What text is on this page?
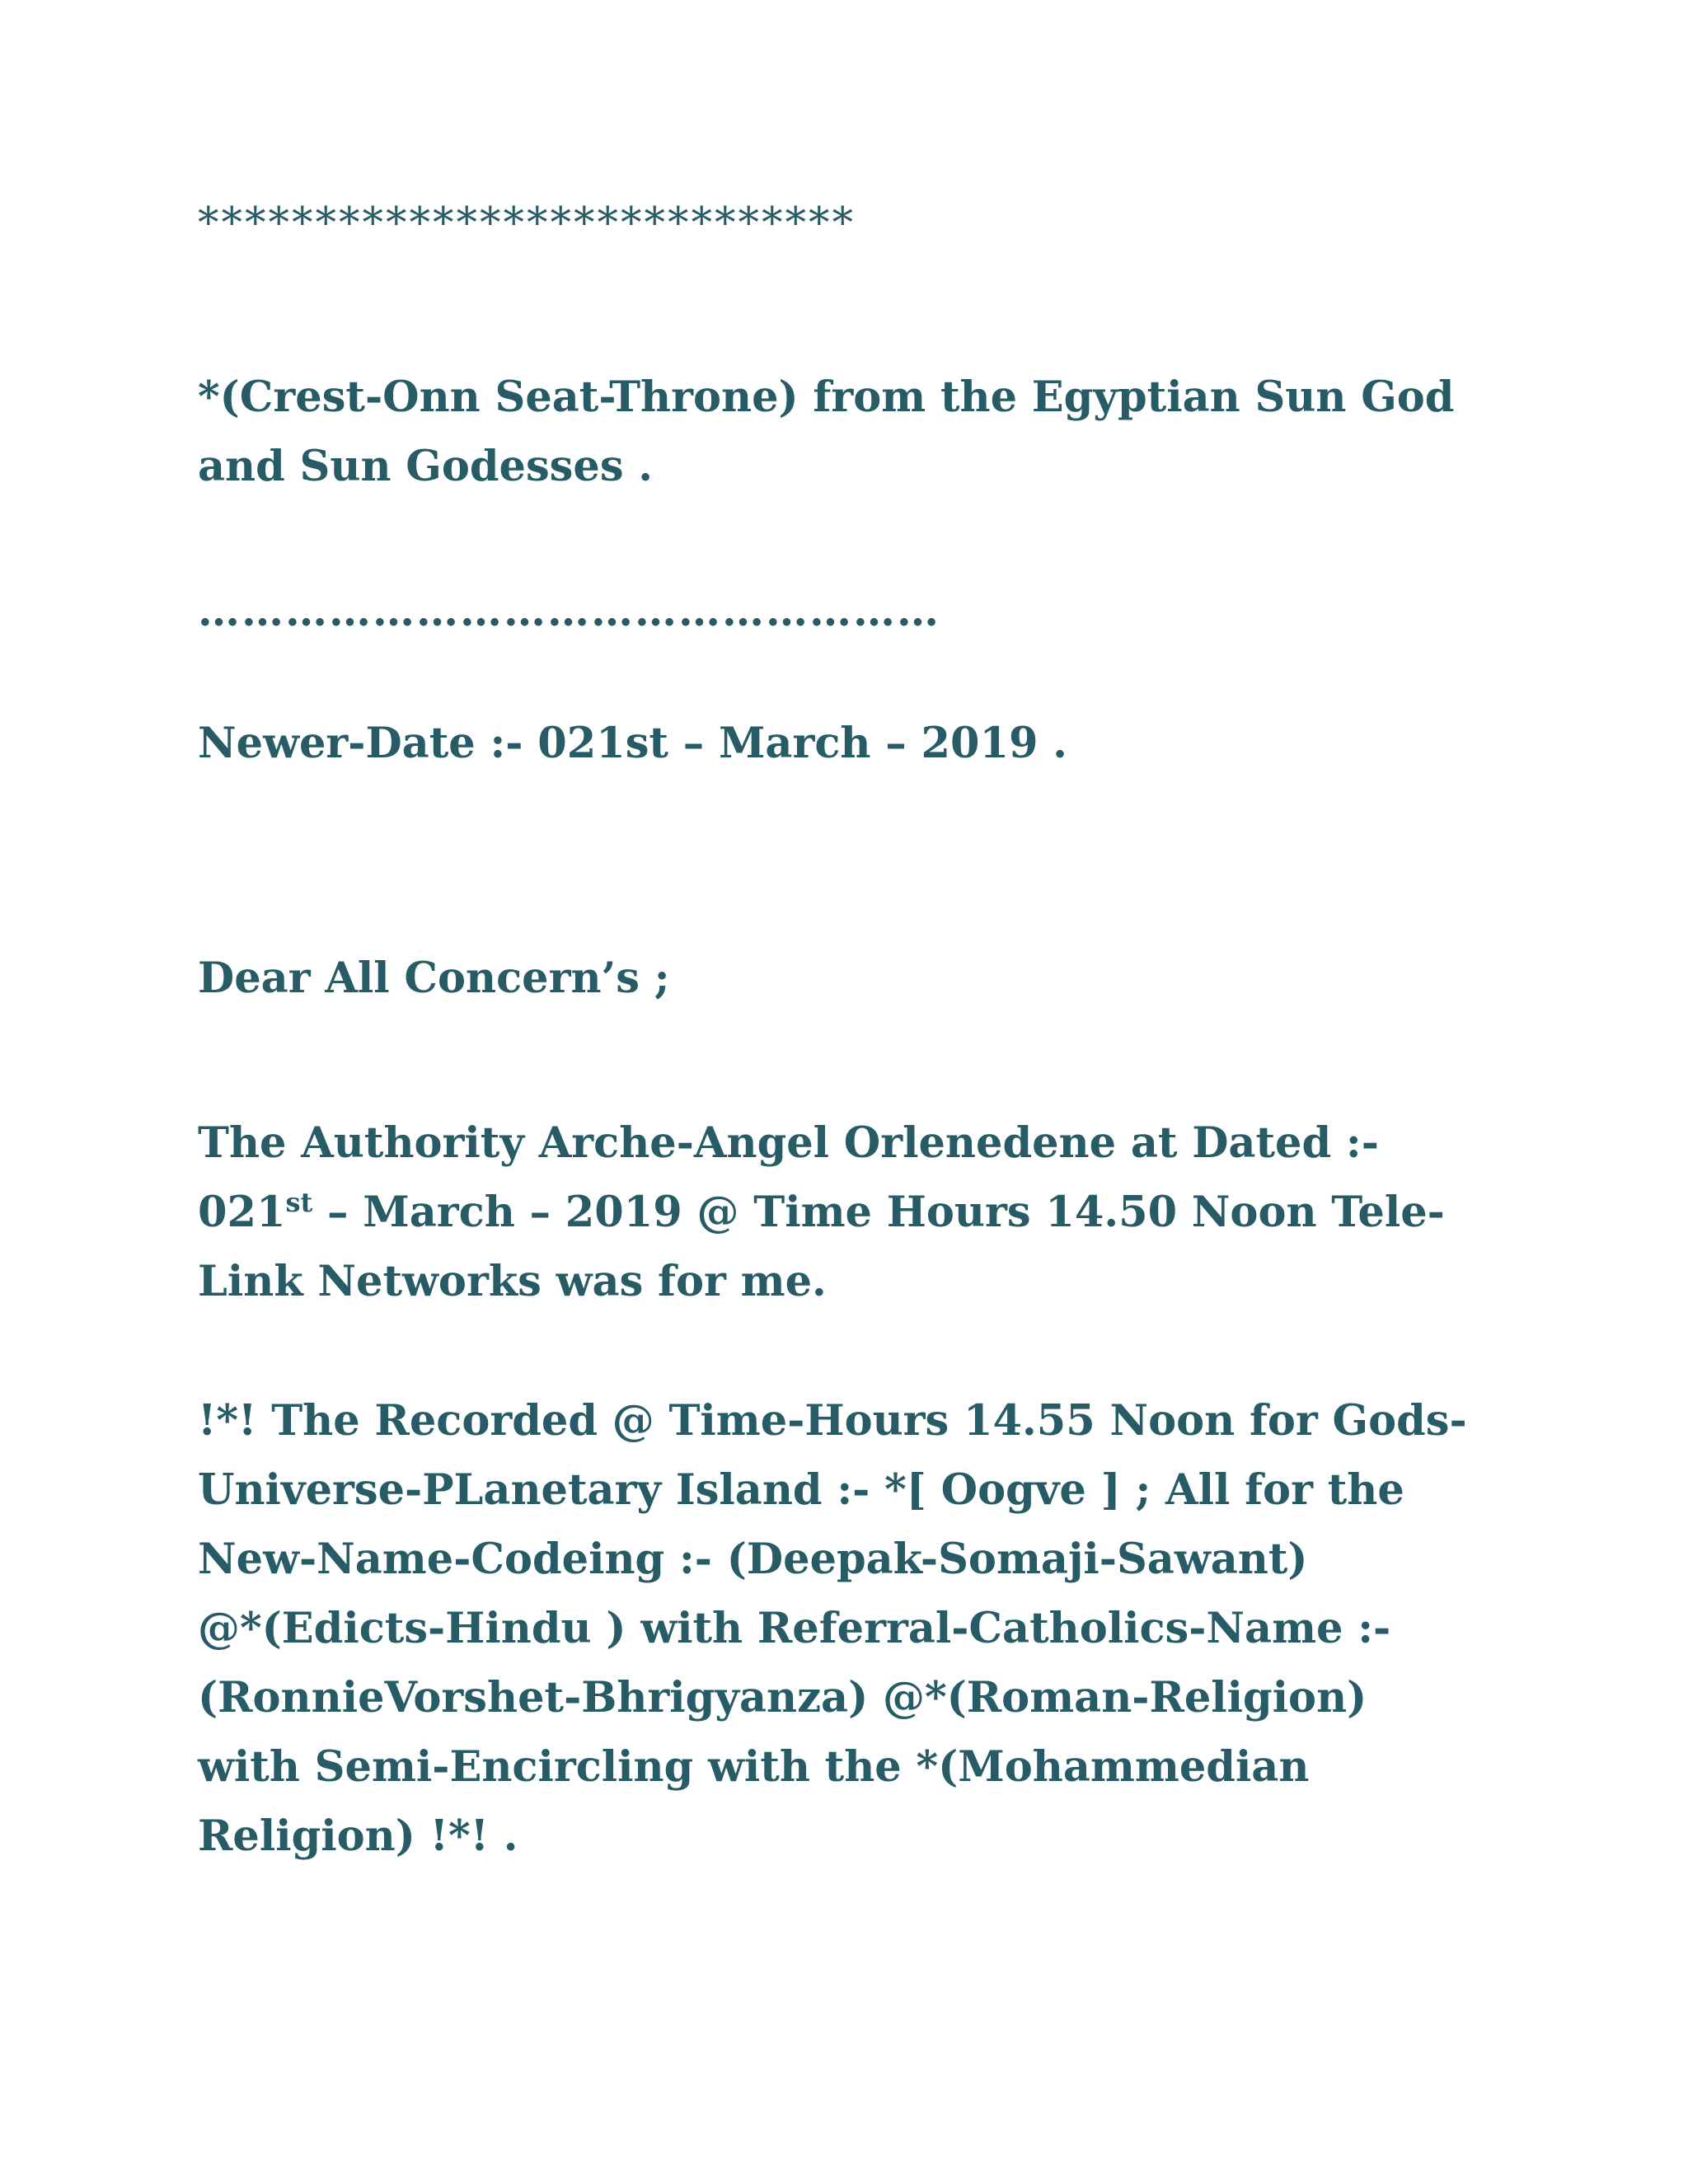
****************************

*(Crest-Onn Seat-Throne) from the Egyptian Sun God
and Sun Godesses .

……………………………………………

Newer-Date :- 021st – March – 2019 .

Dear All Concern’s ;

The Authority Arche-Angel Orlenedene at Dated :-
021st – March – 2019 @ Time Hours 14.50 Noon Tele-
Link Networks was for me.
!*! The Recorded @ Time-Hours 14.55 Noon for Gods-
Universe-PLanetary Island :- *[ Oogve ] ; All for the
New-Name-Codeing :- (Deepak-Somaji-Sawant)
@*(Edicts-Hindu ) with Referral-Catholics-Name :-
(RonnieVorshet-Bhrigyanza) @*(Roman-Religion)
with Semi-Encircling with the *(Mohammedian
Religion) !*! .
